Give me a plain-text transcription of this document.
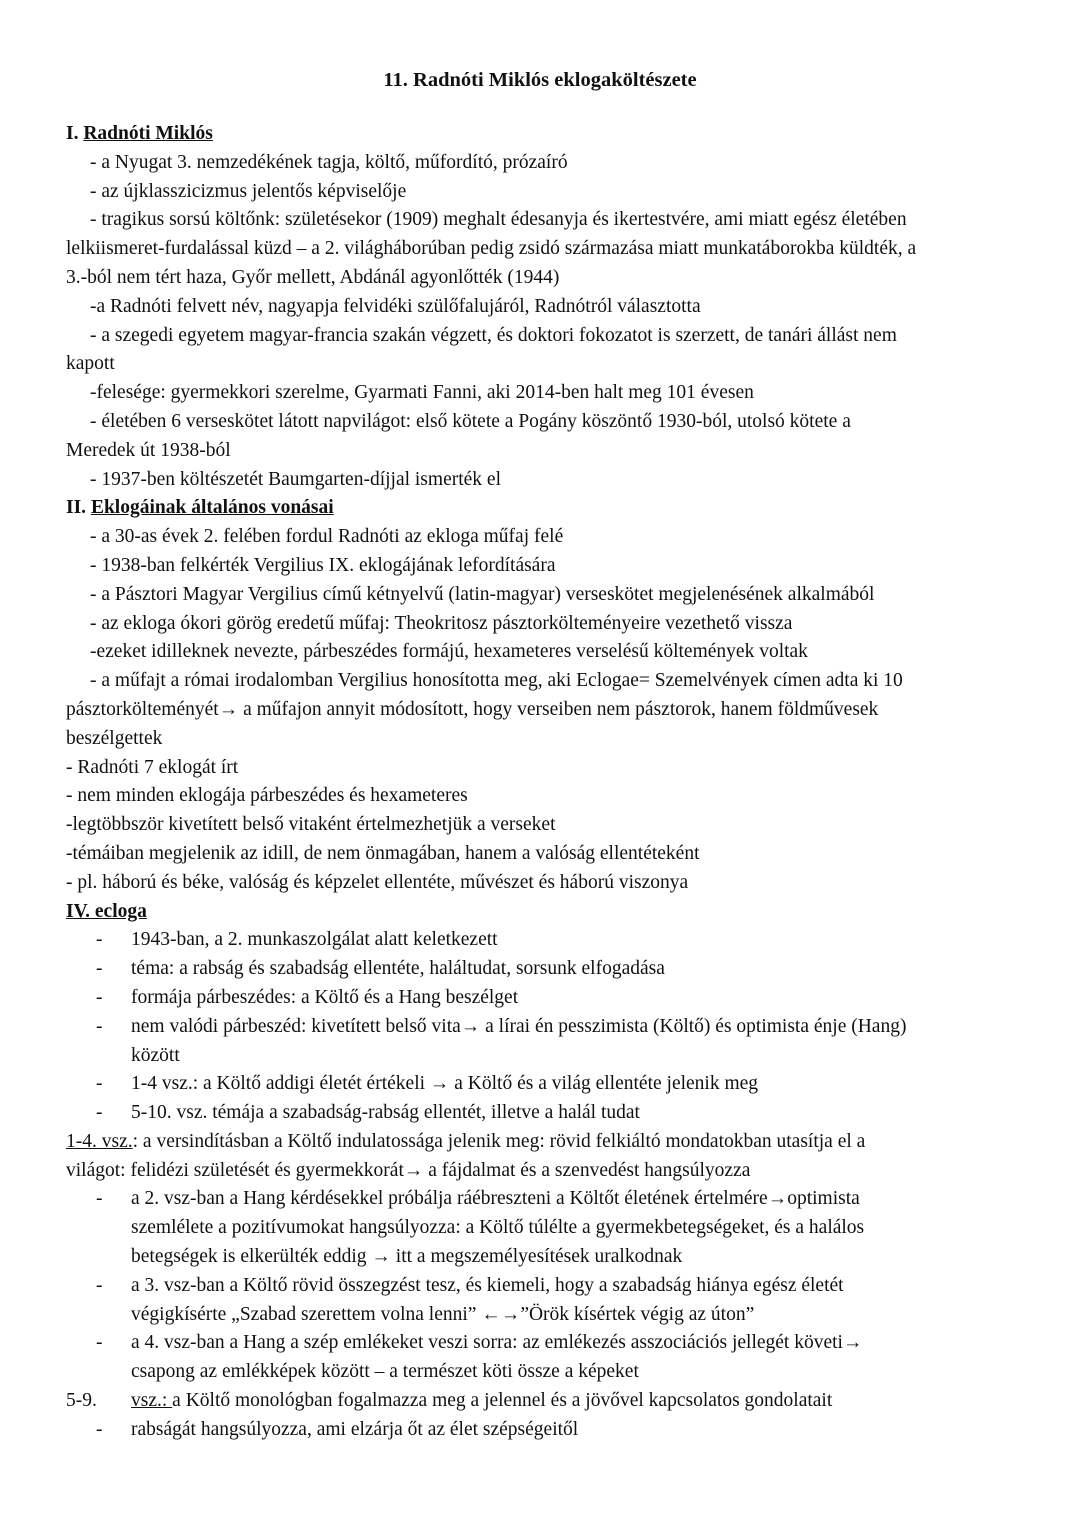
11. Radnóti Miklós eklogaköltészete
I. Radnóti Miklós
- a Nyugat 3. nemzedékének tagja, költő, műfordító, prózaíró
- az újklasszicizmus jelentős képviselője
- tragikus sorsú költőnk: születésekor (1909) meghalt édesanyja és ikertestvére, ami miatt egész életében
lelkiismeret-furdalással küzd – a 2. világháborúban pedig zsidó származása miatt munkatáborokba küldték, a
3.-ból nem tért haza, Győr mellett, Abdánál agyonlőtték (1944)
-a Radnóti felvett név, nagyapja felvidéki szülőfalujáról, Radnótról választotta
- a szegedi egyetem magyar-francia szakán végzett, és doktori fokozatot is szerzett, de tanári állást nem
kapott
-felesége: gyermekkori szerelme, Gyarmati Fanni, aki 2014-ben halt meg 101 évesen
- életében 6 verseskötet látott napvilágot: első kötete a Pogány köszöntő 1930-ból, utolsó kötete a
Meredek út 1938-ból
- 1937-ben költészetét Baumgarten-díjjal ismerték el
II. Eklogáinak általános vonásai
- a 30-as évek 2. felében fordul Radnóti az ekloga műfaj felé
- 1938-ban felkérték Vergilius IX. eklogájának lefordítására
- a Pásztori Magyar Vergilius című kétnyelvű (latin-magyar) verseskötet megjelenésének alkalmából
- az ekloga ókori görög eredetű műfaj: Theokritosz pásztorkölteményeire vezethető vissza
-ezeket idilleknek nevezte, párbeszédes formájú, hexameteres verselésű költemények voltak
- a műfajt a római irodalomban Vergilius honosította meg, aki Eclogae= Szemelvények címen adta ki 10
pásztorkölteményét→ a műfajon annyit módosított, hogy verseiben nem pásztorok, hanem földművesek
beszélgettek
- Radnóti 7 eklogát írt
- nem minden eklogája párbeszédes és hexameteres
-legtöbbször kivetített belső vitaként értelmezhetjük a verseket
-témáiban megjelenik az idill, de nem önmagában, hanem a valóság ellentéteként
- pl. háború és béke, valóság és képzelet ellentéte, művészet és háború viszonya
IV. ecloga
-	1943-ban, a 2. munkaszolgálat alatt keletkezett
-	téma: a rabság és szabadság ellentéte, haláltudat, sorsunk elfogadása
-	formája párbeszédes: a Költő és a Hang beszélget
-	nem valódi párbeszéd: kivetített belső vita→ a lírai én pesszimista (Költő) és optimista énje (Hang)
között
-	1-4 vsz.: a Költő addigi életét értékeli → a Költő és a világ ellentéte jelenik meg
-	5-10. vsz. témája a szabadság-rabság ellentét, illetve a halál tudat
1-4. vsz.: a versindításban a Költő indulatossága jelenik meg: rövid felkiáltó mondatokban utasítja el a
világot: felidézi születését és gyermekkorát→ a fájdalmat és a szenvedést hangsúlyozza
-	a 2. vsz-ban a Hang kérdésekkel próbálja ráébreszteni a Költőt életének értelmére→optimista
szemlélete a pozitívumokat hangsúlyozza: a Költő túlélte a gyermekbetegségeket, és a halálos
betegségek is elkerülték eddig → itt a megszemélyesítések uralkodnak
-	a 3. vsz-ban a Költő rövid összegzést tesz, és kiemeli, hogy a szabadság hiánya egész életét
végigkísérte „Szabad szerettem volna lenni” ←→”Örök kísértek végig az úton”
-	a 4. vsz-ban a Hang a szép emlékeket veszi sorra: az emlékezés asszociációs jellegét követi→
csapong az emlékképek között – a természet köti össze a képeket
5-9.	vsz.: a Költő monológban fogalmazza meg a jelennel és a jövővel kapcsolatos gondolatait
-	rabságát hangsúlyozza, ami elzárja őt az élet szépségeitől
